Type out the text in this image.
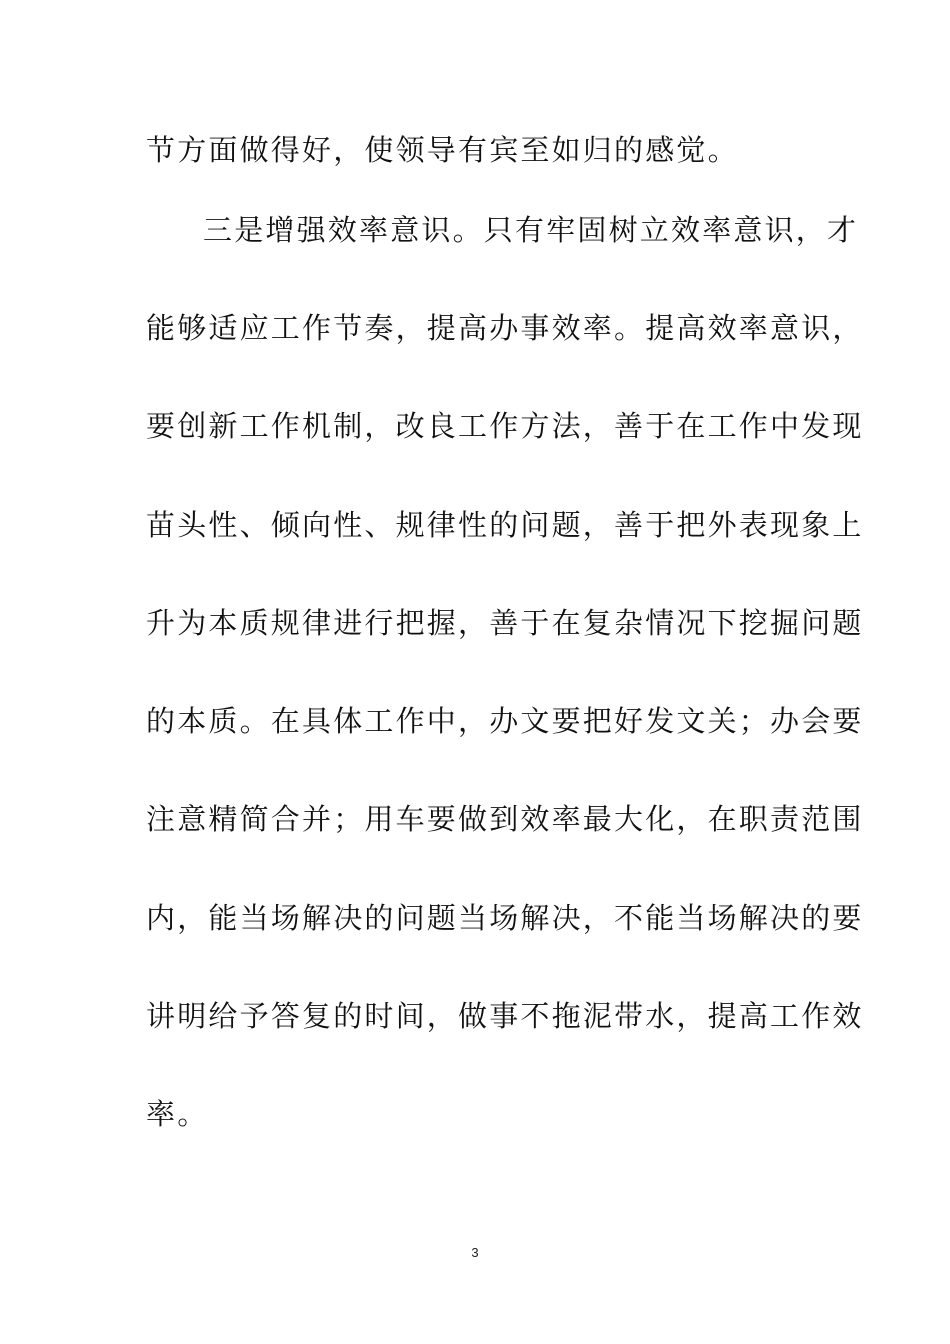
节方面做得好，使领导有宾至如归的感觉。
三是增强效率意识。只有牢固树立效率意识，才
能够适应工作节奏，提高办事效率。提高效率意识，
要创新工作机制，改良工作方法，善于在工作中发现
苗头性、倾向性、规律性的问题，善于把外表现象上
升为本质规律进行把握，善于在复杂情况下挖掘问题
的本质。在具体工作中，办文要把好发文关；办会要
注意精简合并；用车要做到效率最大化，在职责范围
内，能当场解决的问题当场解决，不能当场解决的要
讲明给予答复的时间，做事不拖泥带水，提高工作效
率。
3
